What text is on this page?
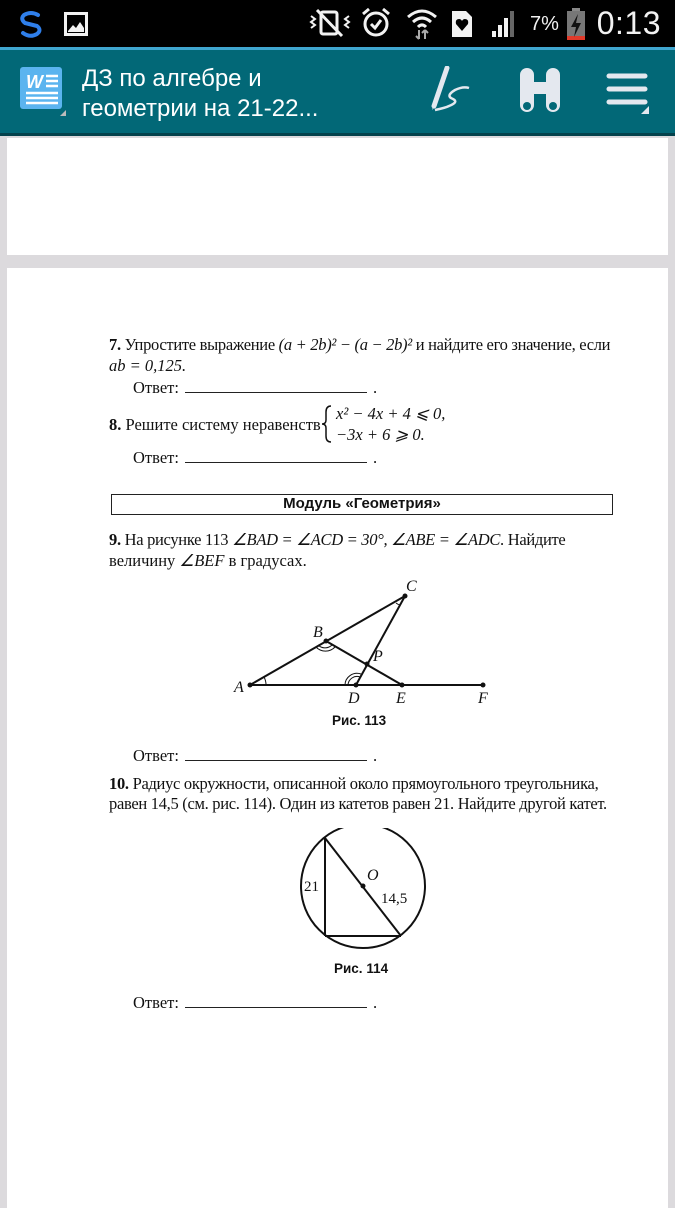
7% 0:13
W ДЗ по алгебре и
геометрии на 21-22...
7. Упростите выражение (a + 2b)² − (a − 2b)² и найдите его значение, если
ab = 0,125.
Ответ:	.
8. Решите систему неравенств
x² − 4x + 4 ⩽ 0,
−3x + 6 ⩾ 0.
Ответ:	.
Модуль «Геометрия»
9. На рисунке 113 ∠BAD = ∠ACD = 30°, ∠ABE = ∠ADC. Найдите
величину ∠BEF в градусах.
A
B
C
D E	F
P
Рис. 113
Ответ:	.
10. Радиус окружности, описанной около прямоугольного треугольника,
равен 14,5 (см. рис. 114). Один из катетов равен 21. Найдите другой катет.
21
O
14,5
Рис. 114
Ответ:	.
